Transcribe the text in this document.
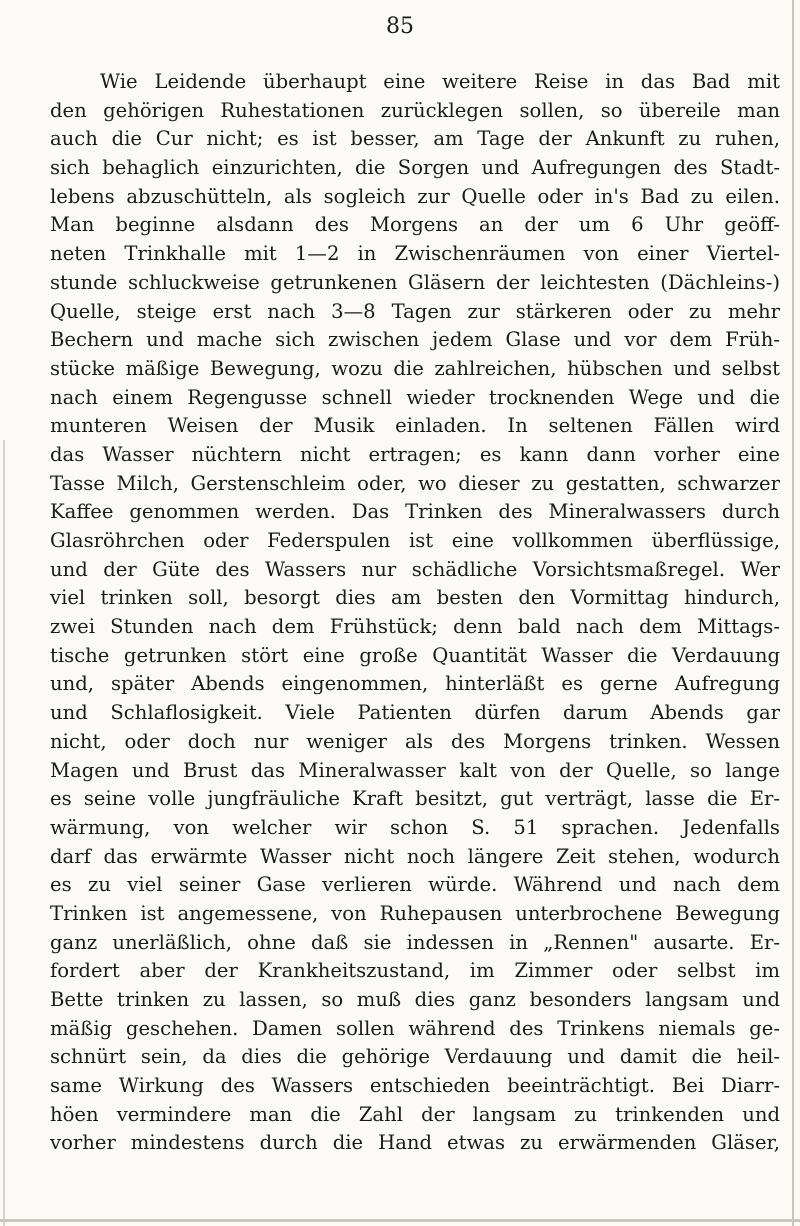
85
Wie Leidende überhaupt eine weitere Reise in das Bad mit
den gehörigen Ruhestationen zurücklegen sollen, so übereile man
auch die Cur nicht; es ist besser, am Tage der Ankunft zu ruhen,
sich behaglich einzurichten, die Sorgen und Aufregungen des Stadt-
lebens abzuschütteln, als sogleich zur Quelle oder in's Bad zu eilen.
Man beginne alsdann des Morgens an der um 6 Uhr geöff-
neten Trinkhalle mit 1—2 in Zwischenräumen von einer Viertel-
stunde schluckweise getrunkenen Gläsern der leichtesten (Dächleins-)
Quelle, steige erst nach 3—8 Tagen zur stärkeren oder zu mehr
Bechern und mache sich zwischen jedem Glase und vor dem Früh-
stücke mäßige Bewegung, wozu die zahlreichen, hübschen und selbst
nach einem Regengusse schnell wieder trocknenden Wege und die
munteren Weisen der Musik einladen. In seltenen Fällen wird
das Wasser nüchtern nicht ertragen; es kann dann vorher eine
Tasse Milch, Gerstenschleim oder, wo dieser zu gestatten, schwarzer
Kaffee genommen werden. Das Trinken des Mineralwassers durch
Glasröhrchen oder Federspulen ist eine vollkommen überflüssige,
und der Güte des Wassers nur schädliche Vorsichtsmaßregel. Wer
viel trinken soll, besorgt dies am besten den Vormittag hindurch,
zwei Stunden nach dem Frühstück; denn bald nach dem Mittags-
tische getrunken stört eine große Quantität Wasser die Verdauung
und, später Abends eingenommen, hinterläßt es gerne Aufregung
und Schlaflosigkeit. Viele Patienten dürfen darum Abends gar
nicht, oder doch nur weniger als des Morgens trinken. Wessen
Magen und Brust das Mineralwasser kalt von der Quelle, so lange
es seine volle jungfräuliche Kraft besitzt, gut verträgt, lasse die Er-
wärmung, von welcher wir schon S. 51 sprachen. Jedenfalls
darf das erwärmte Wasser nicht noch längere Zeit stehen, wodurch
es zu viel seiner Gase verlieren würde. Während und nach dem
Trinken ist angemessene, von Ruhepausen unterbrochene Bewegung
ganz unerläßlich, ohne daß sie indessen in „Rennen" ausarte. Er-
fordert aber der Krankheitszustand, im Zimmer oder selbst im
Bette trinken zu lassen, so muß dies ganz besonders langsam und
mäßig geschehen. Damen sollen während des Trinkens niemals ge-
schnürt sein, da dies die gehörige Verdauung und damit die heil-
same Wirkung des Wassers entschieden beeinträchtigt. Bei Diarr-
höen verminderе man die Zahl der langsam zu trinkenden und
vorher mindestens durch die Hand etwas zu erwärmenden Gläser,
